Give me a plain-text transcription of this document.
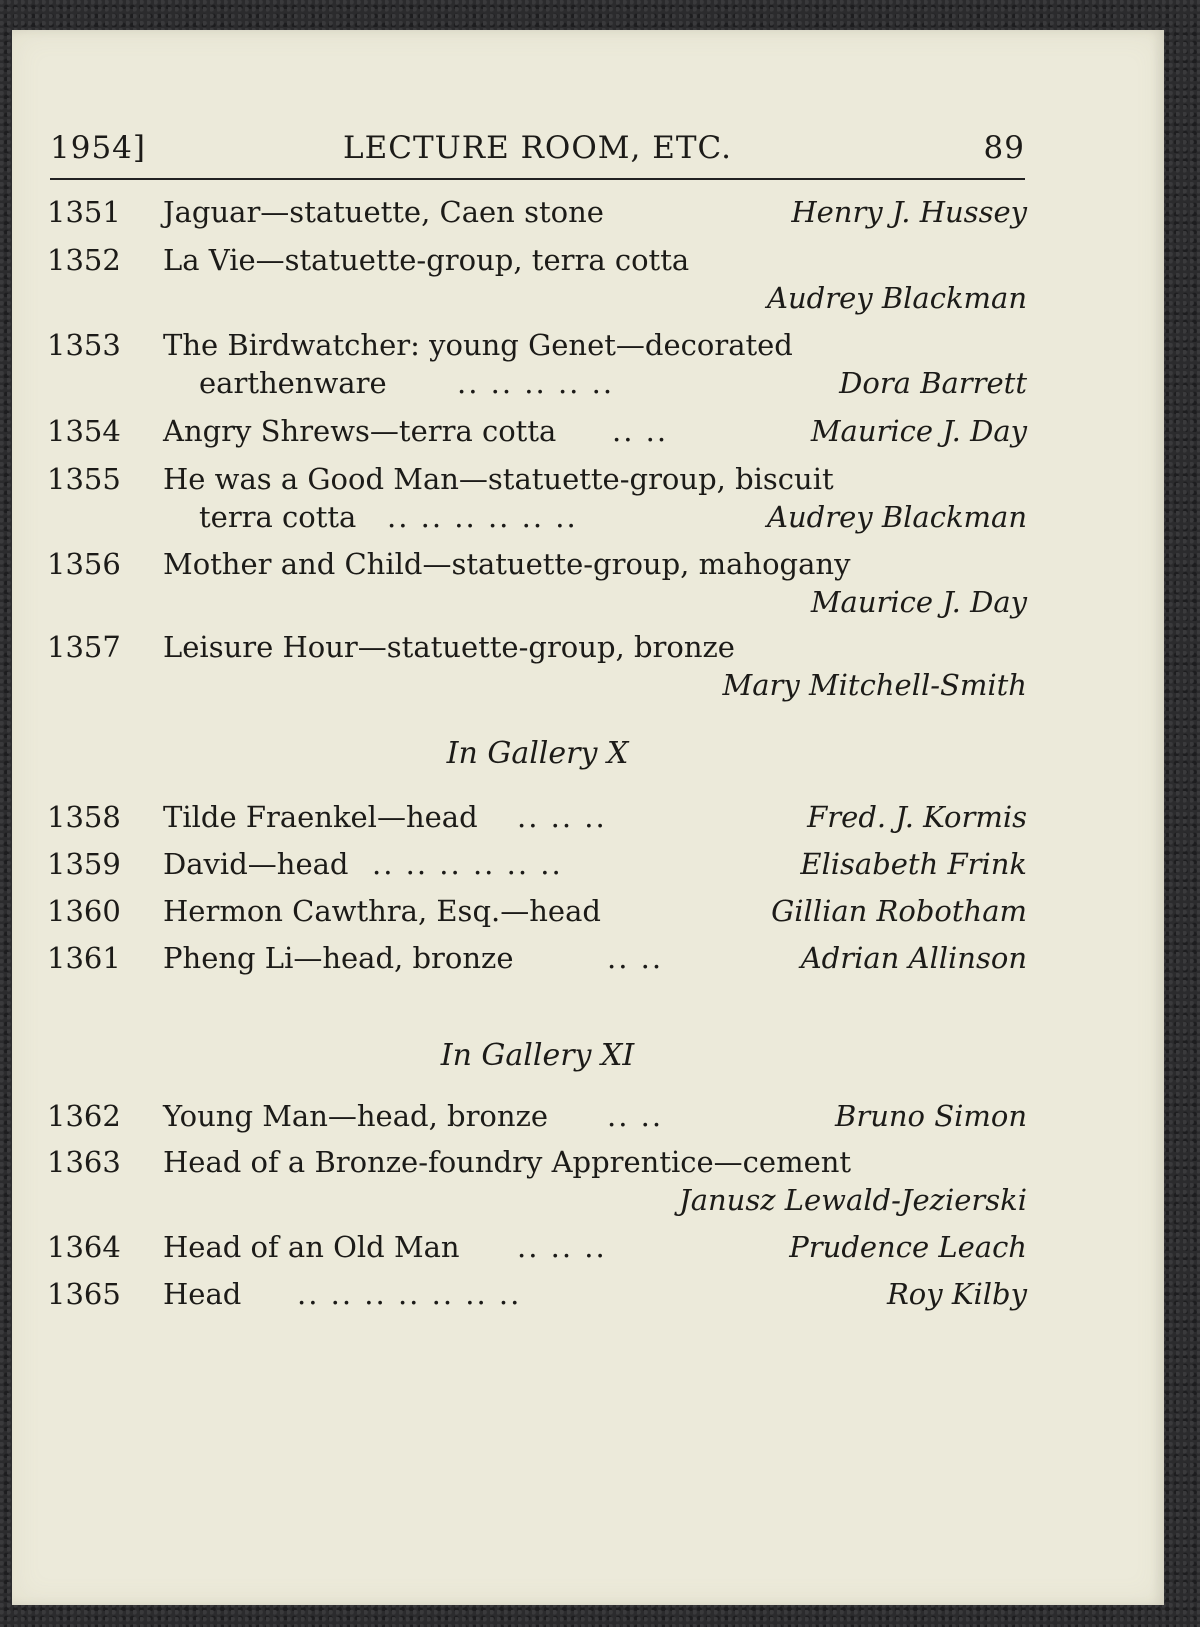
1954]	LECTURE ROOM, ETC.	89
1351	Jaguar—statuette, Caen stone	Henry J. Hussey
1352	La Vie—statuette-group, terra cotta
Audrey Blackman
1353	The Birdwatcher: young Genet—decorated
earthenware .. .. .. .. ..	Dora Barrett
1354	Angry Shrews—terra cotta .. ..	Maurice J. Day
1355	He was a Good Man—statuette-group, biscuit
terra cotta .. .. .. .. .. ..	Audrey Blackman
1356	Mother and Child—statuette-group, mahogany
Maurice J. Day
1357	Leisure Hour—statuette-group, bronze
Mary Mitchell-Smith
In Gallery X
1358	Tilde Fraenkel—head .. .. ..	Fred. J. Kormis
1359	David—head .. .. .. .. .. ..	Elisabeth Frink
1360	Hermon Cawthra, Esq.—head	Gillian Robotham
1361	Pheng Li—head, bronze	.. ..	Adrian Allinson
In Gallery XI
1362	Young Man—head, bronze .. ..	Bruno Simon
1363	Head of a Bronze-foundry Apprentice—cement
Janusz Lewald-Jezierski
1364	Head of an Old Man .. .. ..	Prudence Leach
1365	Head .. .. .. .. .. .. ..	Roy Kilby
